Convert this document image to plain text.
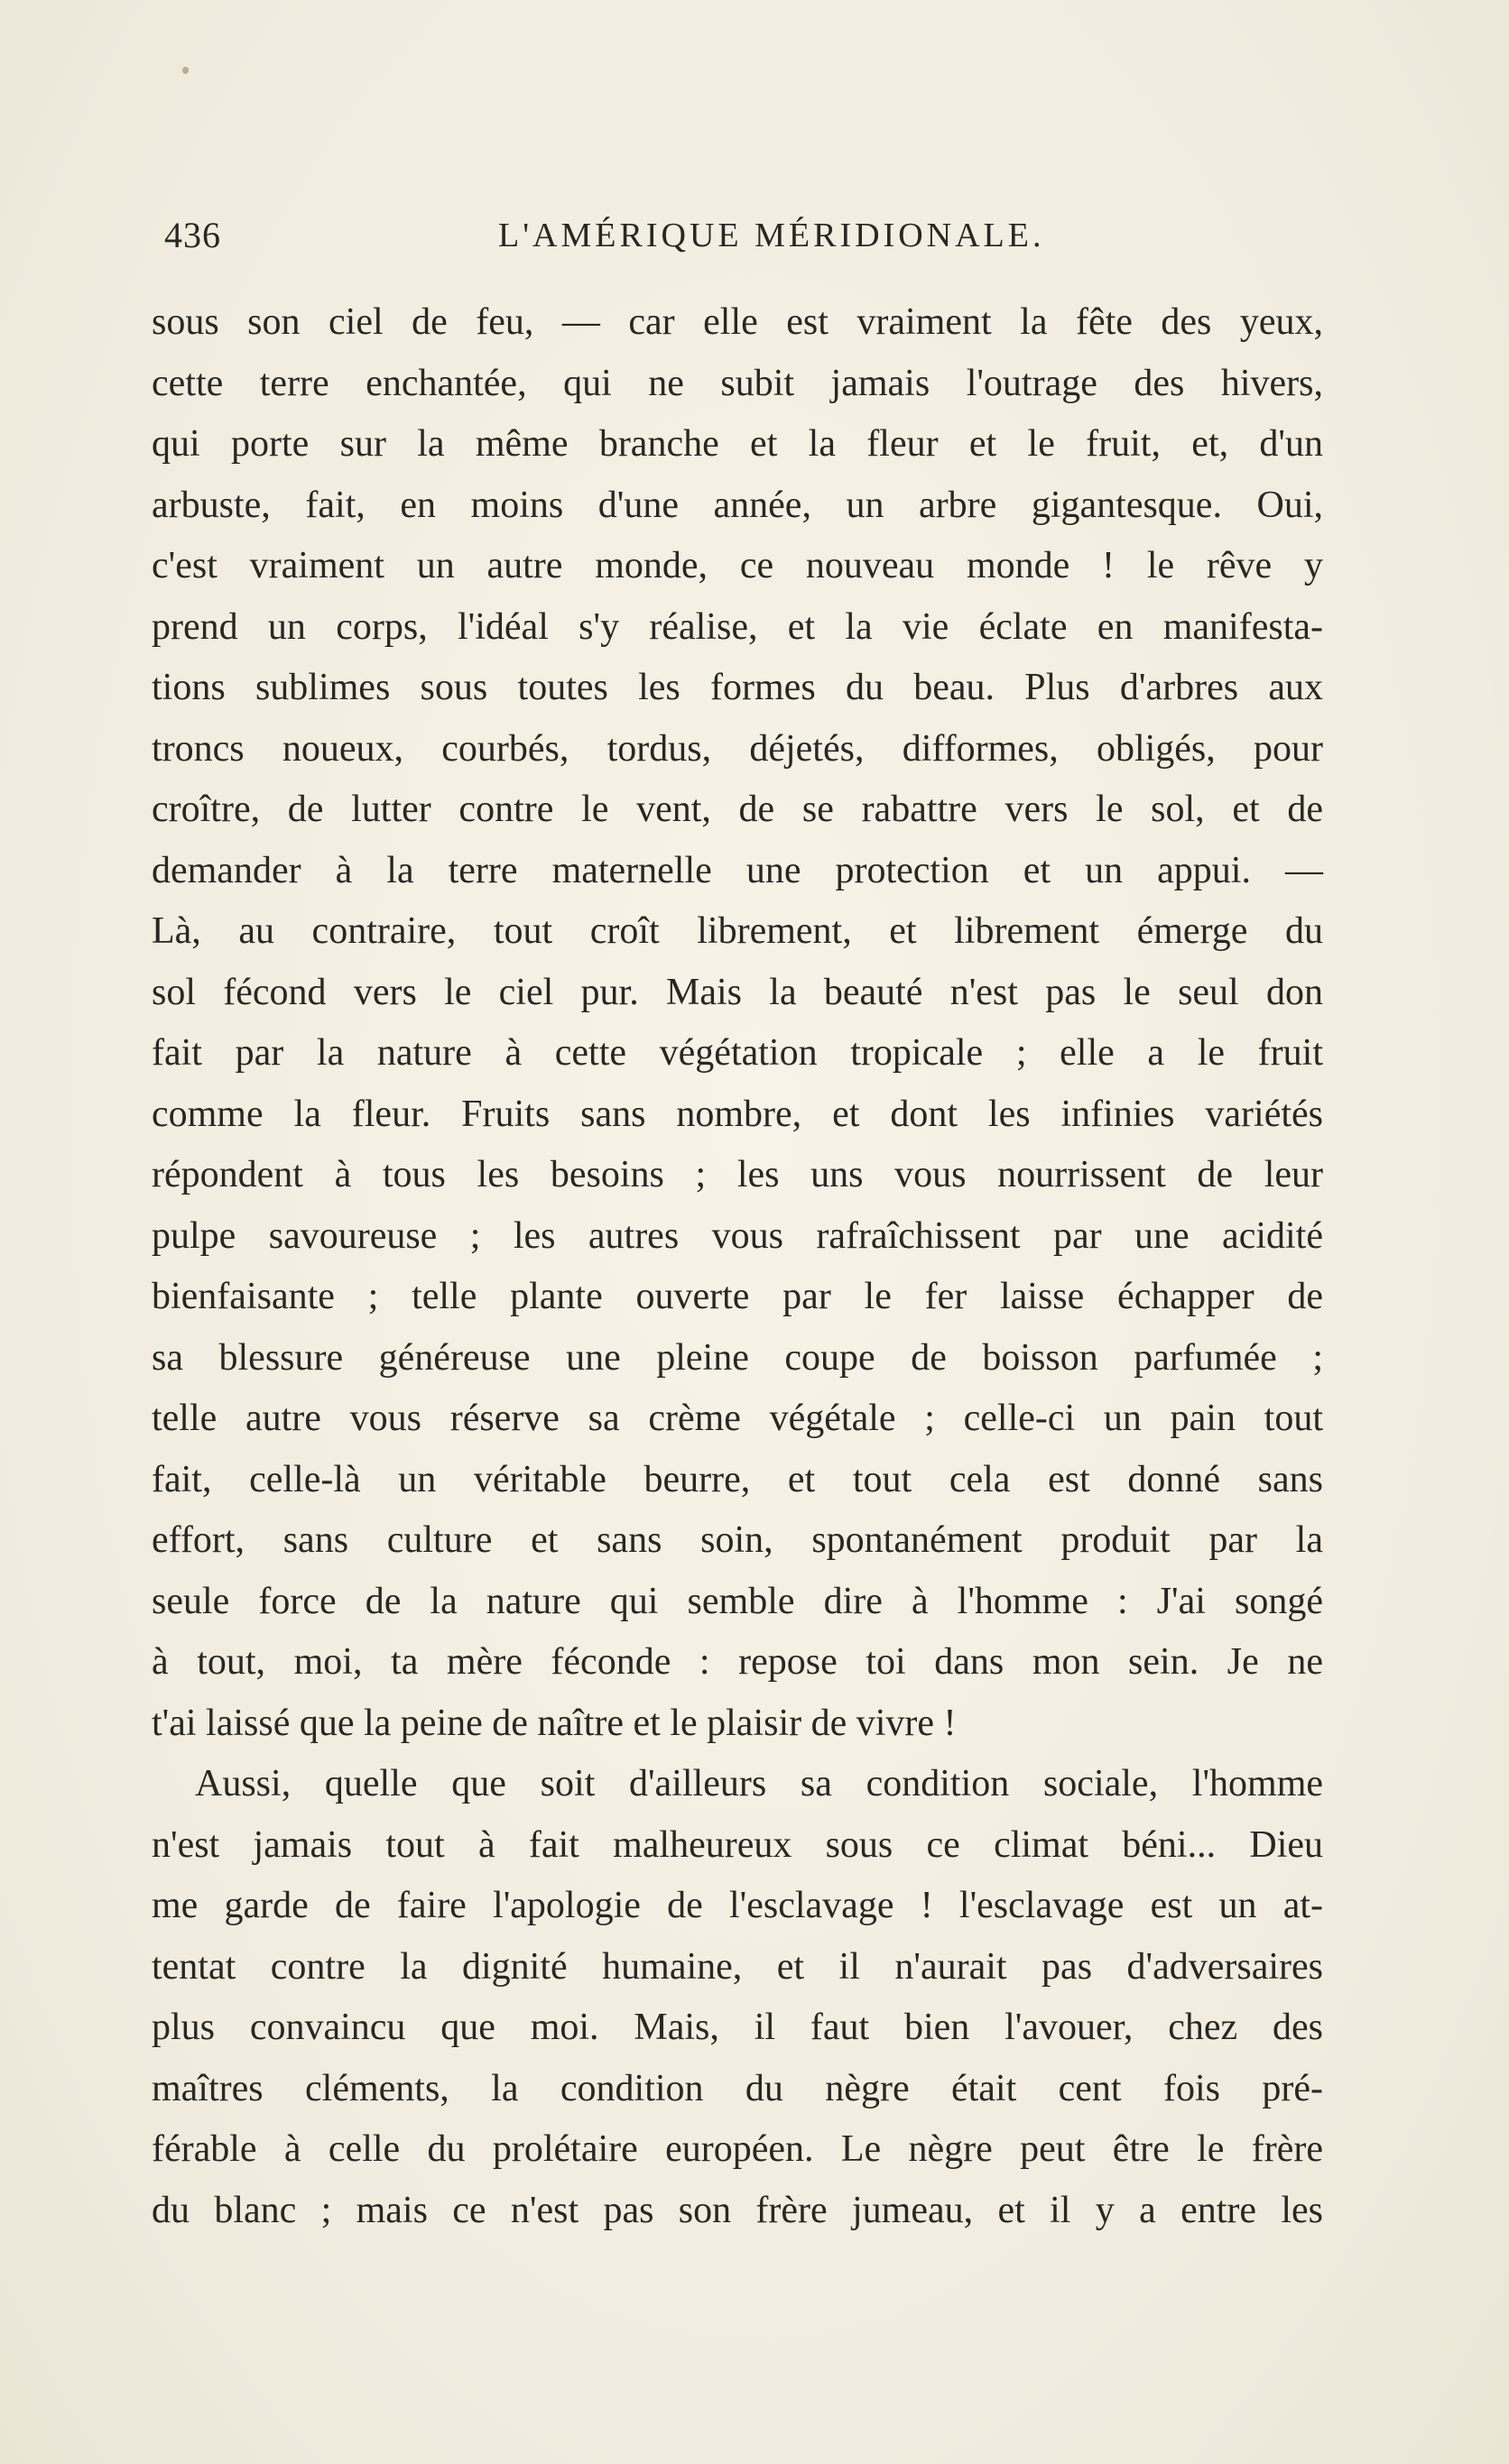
436	L'AMÉRIQUE MÉRIDIONALE.
sous son ciel de feu, — car elle est vraiment la fête des yeux,
cette terre enchantée, qui ne subit jamais l'outrage des hivers,
qui porte sur la même branche et la fleur et le fruit, et, d'un
arbuste, fait, en moins d'une année, un arbre gigantesque. Oui,
c'est vraiment un autre monde, ce nouveau monde ! le rêve y
prend un corps, l'idéal s'y réalise, et la vie éclate en manifesta-
tions sublimes sous toutes les formes du beau. Plus d'arbres aux
troncs noueux, courbés, tordus, déjetés, difformes, obligés, pour
croître, de lutter contre le vent, de se rabattre vers le sol, et de
demander à la terre maternelle une protection et un appui. —
Là, au contraire, tout croît librement, et librement émerge du
sol fécond vers le ciel pur. Mais la beauté n'est pas le seul don
fait par la nature à cette végétation tropicale ; elle a le fruit
comme la fleur. Fruits sans nombre, et dont les infinies variétés
répondent à tous les besoins ; les uns vous nourrissent de leur
pulpe savoureuse ; les autres vous rafraîchissent par une acidité
bienfaisante ; telle plante ouverte par le fer laisse échapper de
sa blessure généreuse une pleine coupe de boisson parfumée ;
telle autre vous réserve sa crème végétale ; celle-ci un pain tout
fait, celle-là un véritable beurre, et tout cela est donné sans
effort, sans culture et sans soin, spontanément produit par la
seule force de la nature qui semble dire à l'homme : J'ai songé
à tout, moi, ta mère féconde : repose toi dans mon sein. Je ne
t'ai laissé que la peine de naître et le plaisir de vivre !
Aussi, quelle que soit d'ailleurs sa condition sociale, l'homme
n'est jamais tout à fait malheureux sous ce climat béni... Dieu
me garde de faire l'apologie de l'esclavage ! l'esclavage est un at-
tentat contre la dignité humaine, et il n'aurait pas d'adversaires
plus convaincu que moi. Mais, il faut bien l'avouer, chez des
maîtres cléments, la condition du nègre était cent fois pré-
férable à celle du prolétaire européen. Le nègre peut être le frère
du blanc ; mais ce n'est pas son frère jumeau, et il y a entre les
